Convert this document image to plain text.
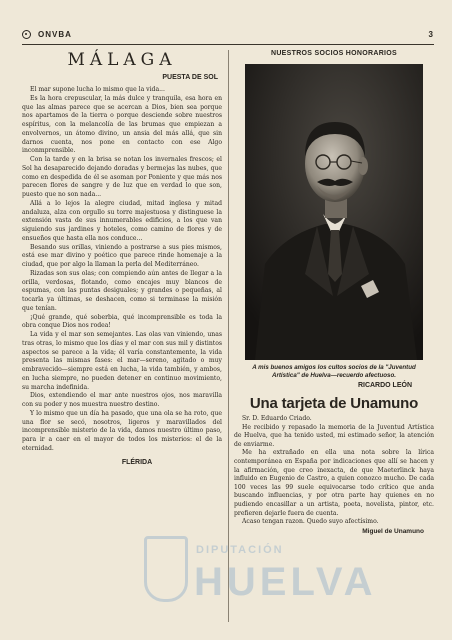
ONVBA	3
MÁLAGA
PUESTA DE SOL

El mar supone lucha lo mismo que la vida...

Es la hora crepuscular, la más dulce y tranquila, esa hora en que las almas parece que se acercan a Dios, bien sea porque nos apartamos de la tierra o porque desciende sobre nuestros espíritus, con la melancolía de las brumas que empiezan a envolvernos, un átomo divino, un ansia del más allá, que sin darnos cuenta, nos pone en contacto con ese Algo inconmprensible.

Con la tarde y en la brisa se notan los invernales frescos; el Sol ha desaparecido dejando doradas y bermejas las nubes, que como en despedida de él se asoman por Poniente y que más nos parecen flores de sangre y de luz que en verdad lo que son, puesto que no son nada...

Allá a lo lejos la alegre ciudad, mitad inglesa y mitad andaluza, alza con orgullo su torre majestuosa y distinguese la extensión vasta de sus innumerables edificios, a los que van siguiendo sus jardines y hoteles, como camino de flores y de ensueños que hasta ella nos conduce...

Besando sus orillas, viniendo a postrarse a sus pies mismos, está ese mar divino y poético que parece rinde homenaje a la ciudad, que por algo la llaman la perla del Mediterráneo.

Rizadas son sus olas; con compiendo aún antes de llegar a la orilla, verdosas, flotando, como encajes muy blancos de espumas, con las puntas desiguales; y grandes o pequeñas, al tocarla ya últimas, se deshacen, como si terminase la misión que tenían.

¡Qué grande, qué soberbia, qué incomprensible es toda la obra conque Dios nos rodea!

La vida y el mar son semejantes. Las olas van viniendo, unas tras otras, lo mismo que los días y el mar con sus mil y distintos aspectos se parece a la vida; él varía constantemente, la vida presenta las mismas fases: el mar—sereno, agitado o muy embravecido—siempre está en lucha, la vida también, y ambos, en lucha siempre, no pueden detener en continuo movimiento, su marcha indefinida.

Dios, extendiendo el mar ante nuestros ojos, nos maravilla con su poder y nos muestra nuestro destino.

Y lo mismo que un día ha pasado, que una ola se ha roto, que una flor se secó, nosotros, ligeros y maravillados del incomprensible misterio de la vida, damos nuestro último paso, para ir a caer en el mayor de todos los misterios: el de la eternidad.

FLÉRIDA
NUESTROS SOCIOS HONORARIOS
A mis buenos amigos los cultos socios de la "Juventud Artística" de Huelva—recuerdo afectuoso.
RICARDO LEÓN
Una tarjeta de Unamuno

Sr. D. Eduardo Criado.

He recibido y repasado la memoria de la Juventud Artística de Huelva, que ha tenido usted, mi estimado señor, la atención de enviarme.

Me ha extrañado en ella una nota sobre la lírica contemporánea en España por indicaciones que allí se hacen y la afirmación, que creo inexacta, de que Maeterlinck haya influido en Eugenio de Castro, a quien conozco mucho. De cada 100 veces las 99 suele equivocarse todo crítico que anda buscando influencias, y por otra parte hay quienes en no pudiendo encasillar a un artista, poeta, novelista, pintor, etc. prefieren dejarle fuera de cuenta.

Acaso tengan razon. Quedo suyo afectísimo.

Miguel de Unamuno
DIPUTACIÓN
HUELVA
